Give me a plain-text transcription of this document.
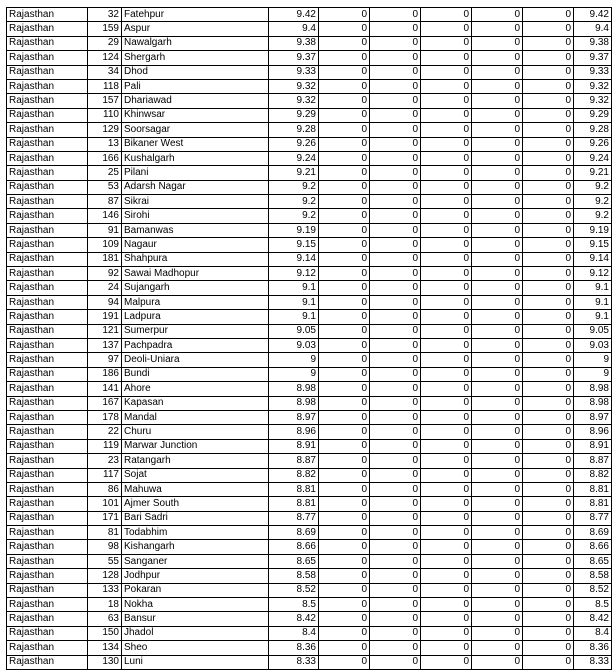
Rajasthan	32	Fatehpur	9.42	0	0	0	0	0	9.42
Rajasthan	159	Aspur	9.4	0	0	0	0	0	9.4
Rajasthan	29	Nawalgarh	9.38	0	0	0	0	0	9.38
Rajasthan	124	Shergarh	9.37	0	0	0	0	0	9.37
Rajasthan	34	Dhod	9.33	0	0	0	0	0	9.33
Rajasthan	118	Pali	9.32	0	0	0	0	0	9.32
Rajasthan	157	Dhariawad	9.32	0	0	0	0	0	9.32
Rajasthan	110	Khinwsar	9.29	0	0	0	0	0	9.29
Rajasthan	129	Soorsagar	9.28	0	0	0	0	0	9.28
Rajasthan	13	Bikaner West	9.26	0	0	0	0	0	9.26
Rajasthan	166	Kushalgarh	9.24	0	0	0	0	0	9.24
Rajasthan	25	Pilani	9.21	0	0	0	0	0	9.21
Rajasthan	53	Adarsh Nagar	9.2	0	0	0	0	0	9.2
Rajasthan	87	Sikrai	9.2	0	0	0	0	0	9.2
Rajasthan	146	Sirohi	9.2	0	0	0	0	0	9.2
Rajasthan	91	Bamanwas	9.19	0	0	0	0	0	9.19
Rajasthan	109	Nagaur	9.15	0	0	0	0	0	9.15
Rajasthan	181	Shahpura	9.14	0	0	0	0	0	9.14
Rajasthan	92	Sawai Madhopur	9.12	0	0	0	0	0	9.12
Rajasthan	24	Sujangarh	9.1	0	0	0	0	0	9.1
Rajasthan	94	Malpura	9.1	0	0	0	0	0	9.1
Rajasthan	191	Ladpura	9.1	0	0	0	0	0	9.1
Rajasthan	121	Sumerpur	9.05	0	0	0	0	0	9.05
Rajasthan	137	Pachpadra	9.03	0	0	0	0	0	9.03
Rajasthan	97	Deoli-Uniara	9	0	0	0	0	0	9
Rajasthan	186	Bundi	9	0	0	0	0	0	9
Rajasthan	141	Ahore	8.98	0	0	0	0	0	8.98
Rajasthan	167	Kapasan	8.98	0	0	0	0	0	8.98
Rajasthan	178	Mandal	8.97	0	0	0	0	0	8.97
Rajasthan	22	Churu	8.96	0	0	0	0	0	8.96
Rajasthan	119	Marwar Junction	8.91	0	0	0	0	0	8.91
Rajasthan	23	Ratangarh	8.87	0	0	0	0	0	8.87
Rajasthan	117	Sojat	8.82	0	0	0	0	0	8.82
Rajasthan	86	Mahuwa	8.81	0	0	0	0	0	8.81
Rajasthan	101	Ajmer South	8.81	0	0	0	0	0	8.81
Rajasthan	171	Bari Sadri	8.77	0	0	0	0	0	8.77
Rajasthan	81	Todabhim	8.69	0	0	0	0	0	8.69
Rajasthan	98	Kishangarh	8.66	0	0	0	0	0	8.66
Rajasthan	55	Sanganer	8.65	0	0	0	0	0	8.65
Rajasthan	128	Jodhpur	8.58	0	0	0	0	0	8.58
Rajasthan	133	Pokaran	8.52	0	0	0	0	0	8.52
Rajasthan	18	Nokha	8.5	0	0	0	0	0	8.5
Rajasthan	63	Bansur	8.42	0	0	0	0	0	8.42
Rajasthan	150	Jhadol	8.4	0	0	0	0	0	8.4
Rajasthan	134	Sheo	8.36	0	0	0	0	0	8.36
Rajasthan	130	Luni	8.33	0	0	0	0	0	8.33
